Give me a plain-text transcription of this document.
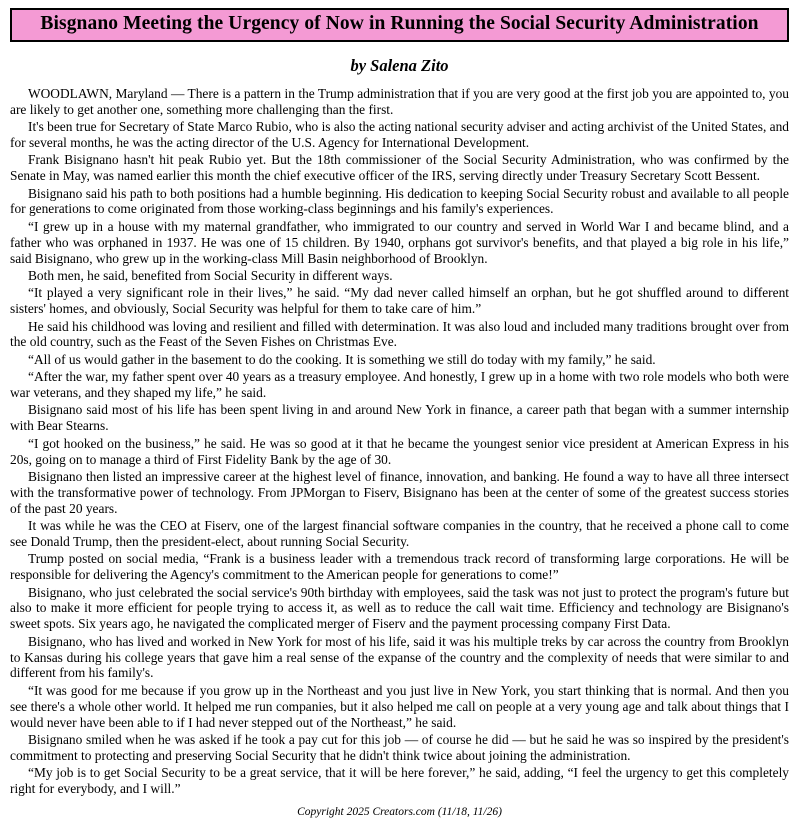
Bisgnano Meeting the Urgency of Now in Running the Social Security Administration
by Salena Zito

WOODLAWN, Maryland — There is a pattern in the Trump administration that if you are very good at the first job you are appointed to, you are likely to get another one, something more challenging than the first.

It's been true for Secretary of State Marco Rubio, who is also the acting national security adviser and acting archivist of the United States, and for several months, he was the acting director of the U.S. Agency for International Development.

Frank Bisignano hasn't hit peak Rubio yet. But the 18th commissioner of the Social Security Administration, who was confirmed by the Senate in May, was named earlier this month the chief executive officer of the IRS, serving directly under Treasury Secretary Scott Bessent.

Bisignano said his path to both positions had a humble beginning. His dedication to keeping Social Security robust and available to all people for generations to come originated from those working-class beginnings and his family's experiences.

“I grew up in a house with my maternal grandfather, who immigrated to our country and served in World War I and became blind, and a father who was orphaned in 1937. He was one of 15 children. By 1940, orphans got survivor's benefits, and that played a big role in his life,” said Bisignano, who grew up in the working-class Mill Basin neighborhood of Brooklyn.

Both men, he said, benefited from Social Security in different ways.

“It played a very significant role in their lives,” he said. “My dad never called himself an orphan, but he got shuffled around to different sisters' homes, and obviously, Social Security was helpful for them to take care of him.”

He said his childhood was loving and resilient and filled with determination. It was also loud and included many traditions brought over from the old country, such as the Feast of the Seven Fishes on Christmas Eve.

“All of us would gather in the basement to do the cooking. It is something we still do today with my family,” he said.

“After the war, my father spent over 40 years as a treasury employee. And honestly, I grew up in a home with two role models who both were war veterans, and they shaped my life,” he said.

Bisignano said most of his life has been spent living in and around New York in finance, a career path that began with a summer internship with Bear Stearns.

“I got hooked on the business,” he said. He was so good at it that he became the youngest senior vice president at American Express in his 20s, going on to manage a third of First Fidelity Bank by the age of 30.

Bisignano then listed an impressive career at the highest level of finance, innovation, and banking. He found a way to have all three intersect with the transformative power of technology. From JPMorgan to Fiserv, Bisignano has been at the center of some of the greatest success stories of the past 20 years.

It was while he was the CEO at Fiserv, one of the largest financial software companies in the country, that he received a phone call to come see Donald Trump, then the president-elect, about running Social Security.

Trump posted on social media, “Frank is a business leader with a tremendous track record of transforming large corporations. He will be responsible for delivering the Agency's commitment to the American people for generations to come!”

Bisignano, who just celebrated the social service's 90th birthday with employees, said the task was not just to protect the program's future but also to make it more efficient for people trying to access it, as well as to reduce the call wait time. Efficiency and technology are Bisignano's sweet spots. Six years ago, he navigated the complicated merger of Fiserv and the payment processing company First Data.

Bisignano, who has lived and worked in New York for most of his life, said it was his multiple treks by car across the country from Brooklyn to Kansas during his college years that gave him a real sense of the expanse of the country and the complexity of needs that were similar to and different from his family's.

“It was good for me because if you grow up in the Northeast and you just live in New York, you start thinking that is normal. And then you see there's a whole other world. It helped me run companies, but it also helped me call on people at a very young age and talk about things that I would never have been able to if I had never stepped out of the Northeast,” he said.

Bisignano smiled when he was asked if he took a pay cut for this job — of course he did — but he said he was so inspired by the president's commitment to protecting and preserving Social Security that he didn't think twice about joining the administration.

“My job is to get Social Security to be a great service, that it will be here forever,” he said, adding, “I feel the urgency to get this completely right for everybody, and I will.”

Copyright 2025 Creators.com (11/18, 11/26)
